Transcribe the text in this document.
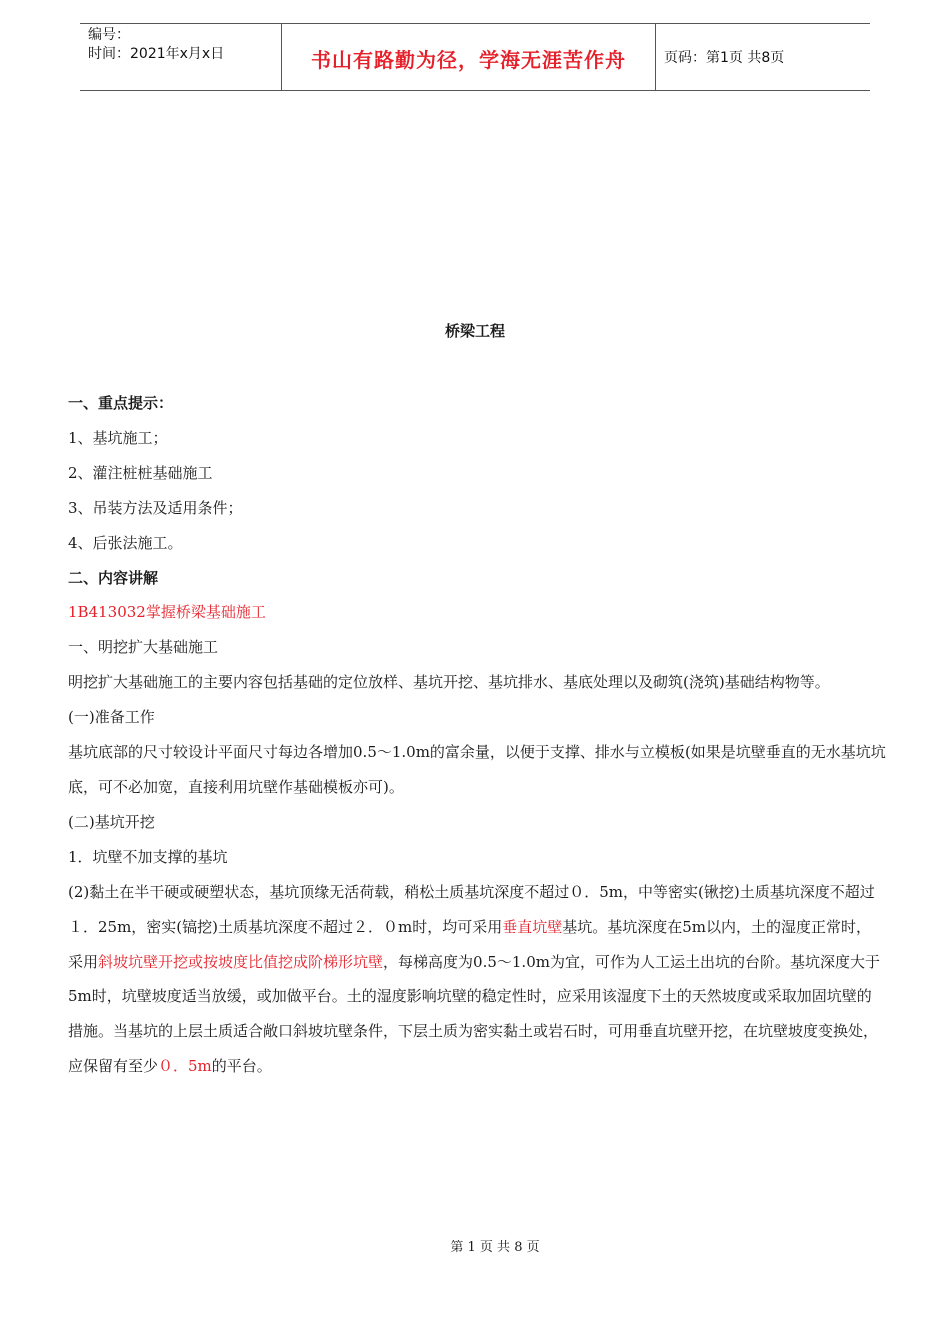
编号：
时间：2021年x月x日	书山有路勤为径，学海无涯苦作舟	页码：第1页 共8页
桥梁工程

一、重点提示：

1、基坑施工；

2、灌注桩桩基础施工

3、吊装方法及适用条件；

4、后张法施工。

二、内容讲解

1B413032掌握桥梁基础施工

一、明挖扩大基础施工

明挖扩大基础施工的主要内容包括基础的定位放样、基坑开挖、基坑排水、基底处理以及砌筑(浇筑)基础结构物等。

(一)准备工作

基坑底部的尺寸较设计平面尺寸每边各增加0.5～1.0m的富余量，以便于支撑、排水与立模板(如果是坑壁垂直的无水基坑坑底，可不必加宽，直接利用坑壁作基础模板亦可)。

(二)基坑开挖

1．坑壁不加支撑的基坑

(2)黏土在半干硬或硬塑状态，基坑顶缘无活荷载，稍松土质基坑深度不超过０．5m，中等密实(锹挖)土质基坑深度不超过１．25m，密实(镐挖)土质基坑深度不超过２．０m时，均可采用垂直坑壁基坑。基坑深度在5m以内，土的湿度正常时，采用斜坡坑壁开挖或按坡度比值挖成阶梯形坑壁，每梯高度为0.5～1.0m为宜，可作为人工运土出坑的台阶。基坑深度大于5m时，坑壁坡度适当放缓，或加做平台。土的湿度影响坑壁的稳定性时，应采用该湿度下土的天然坡度或采取加固坑壁的措施。当基坑的上层土质适合敞口斜坡坑壁条件，下层土质为密实黏土或岩石时，可用垂直坑壁开挖，在坑壁坡度变换处，应保留有至少０．5m的平台。

第 1 页 共 8 页
